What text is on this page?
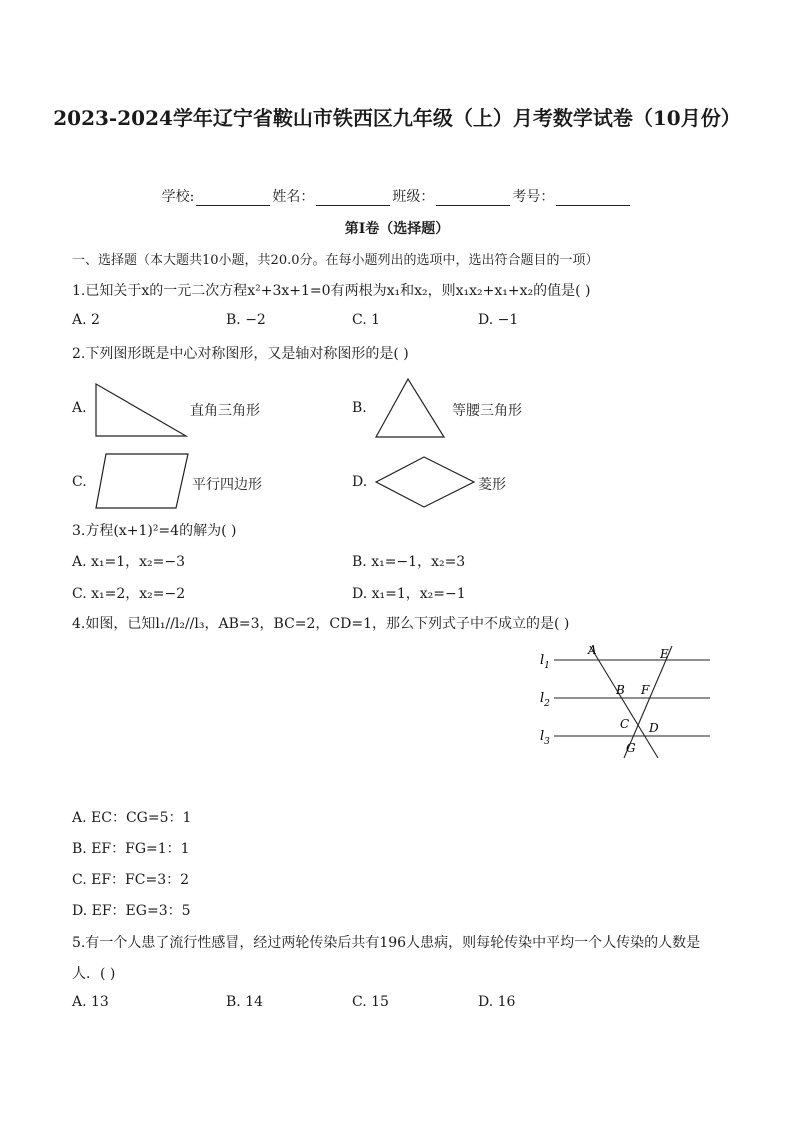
2023-2024学年辽宁省鞍山市铁西区九年级（上）月考数学试卷（10月份）
学校:	姓名：	班级：	考号：
第I卷（选择题）
一、选择题（本大题共10小题，共20.0分。在每小题列出的选项中，选出符合题目的一项）
1.已知关于x的一元二次方程x²+3x+1=0有两根为x₁和x₂，则x₁x₂+x₁+x₂的值是( )
A. 2	B. −2	C. 1	D. −1
2.下列图形既是中心对称图形，又是轴对称图形的是( )
A.	直角三角形	B.	等腰三角形
C.	平行四边形	D.	菱形
3.方程(x+1)²=4的解为( )
A. x₁=1，x₂=−3	B. x₁=−1，x₂=3
C. x₁=2，x₂=−2	D. x₁=1，x₂=−1
4.如图，已知l₁//l₂//l₃，AB=3，BC=2，CD=1，那么下列式子中不成立的是( )
$l_1$
$l_2$
$l_3$
A	E
B F
C D
G
A. EC：CG=5：1
B. EF：FG=1：1
C. EF：FC=3：2
D. EF：EG=3：5
5.有一个人患了流行性感冒，经过两轮传染后共有196人患病，则每轮传染中平均一个人传染的人数是
人．( )
A. 13	B. 14	C. 15	D. 16
